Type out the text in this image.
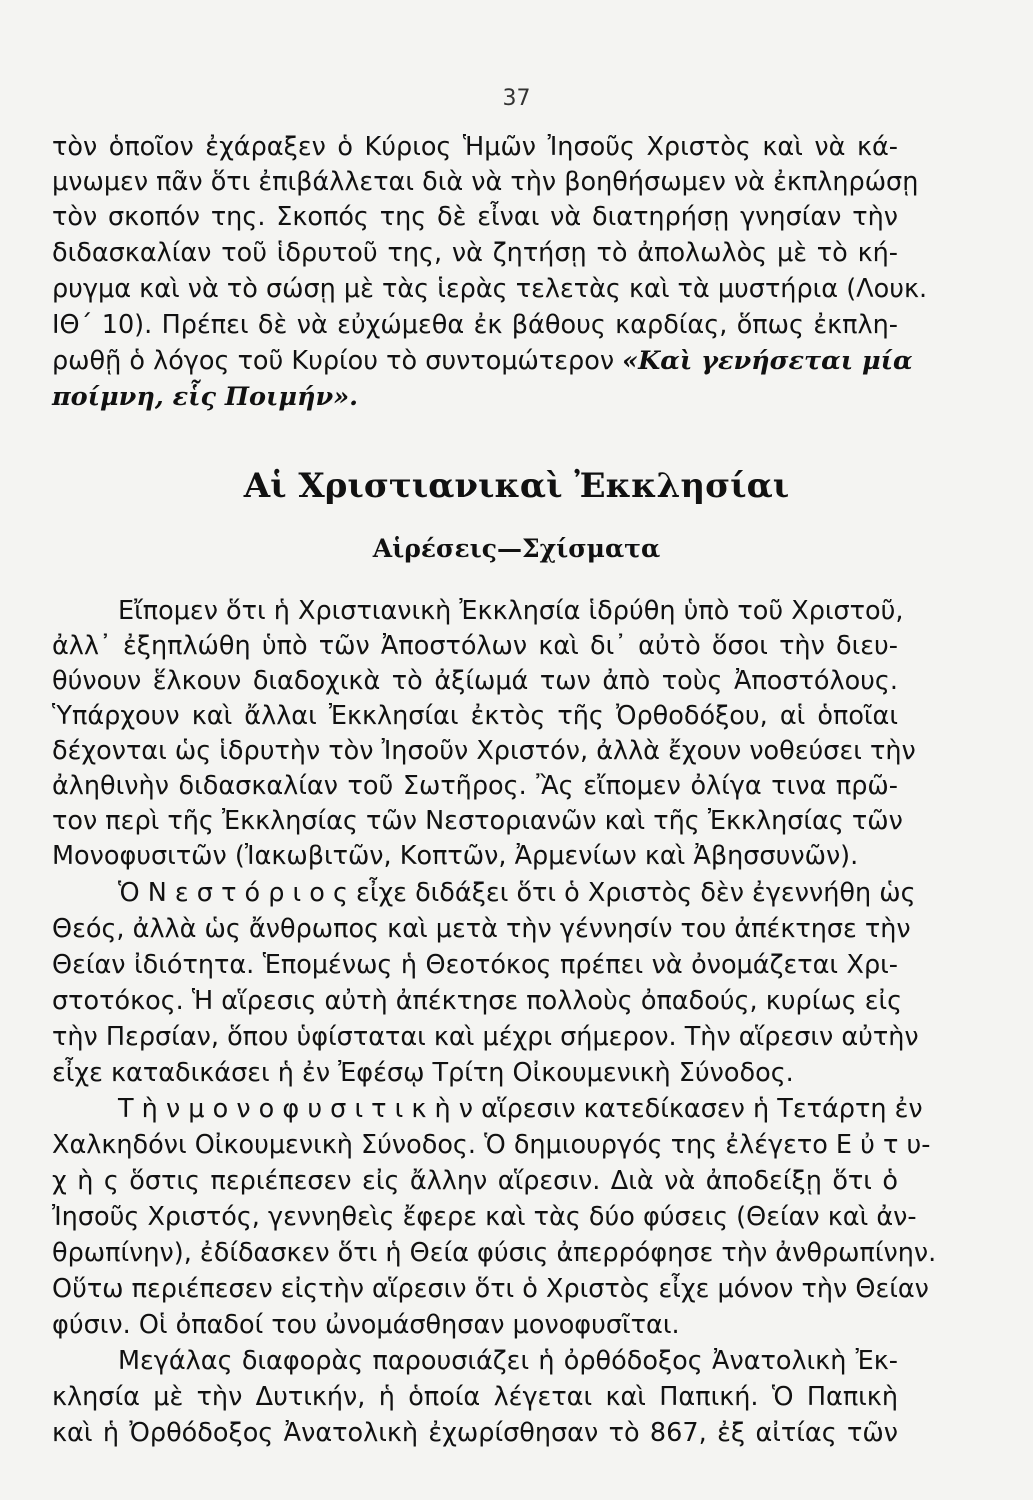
37
τὸν ὁποῖον ἐχάραξεν ὁ Κύριος Ἡμῶν Ἰησοῦς Χριστὸς καὶ νὰ κά-
μνωμεν πᾶν ὅτι ἐπιβάλλεται διὰ νὰ τὴν βοηθήσωμεν νὰ ἐκπληρώσῃ
τὸν σκοπόν της. Σκοπός της δὲ εἶναι νὰ διατηρήσῃ γνησίαν τὴν
διδασκαλίαν τοῦ ἱδρυτοῦ της, νὰ ζητήσῃ τὸ ἀπολωλὸς μὲ τὸ κή-
ρυγμα καὶ νὰ τὸ σώσῃ μὲ τὰς ἱερὰς τελετὰς καὶ τὰ μυστήρια (Λουκ.
ΙΘ΄ 10). Πρέπει δὲ νὰ εὐχώμεθα ἐκ βάθους καρδίας, ὅπως ἐκπλη-
ρωθῇ ὁ λόγος τοῦ Κυρίου τὸ συντομώτερον «Καὶ γενήσεται μία
ποίμνη, εἷς Ποιμήν».
Αἱ Χριστιανικαὶ Ἐκκλησίαι
Αἱρέσεις—Σχίσματα
Εἴπομεν ὅτι ἡ Χριστιανικὴ Ἐκκλησία ἱδρύθη ὑπὸ τοῦ Χριστοῦ,
ἀλλ᾿ ἐξηπλώθη ὑπὸ τῶν Ἀποστόλων καὶ δι᾿ αὐτὸ ὅσοι τὴν διευ-
θύνουν ἕλκουν διαδοχικὰ τὸ ἀξίωμά των ἀπὸ τοὺς Ἀποστόλους.
Ὑπάρχουν καὶ ἄλλαι Ἐκκλησίαι ἐκτὸς τῆς Ὀρθοδόξου, αἱ ὁποῖαι
δέχονται ὡς ἱδρυτὴν τὸν Ἰησοῦν Χριστόν, ἀλλὰ ἔχουν νοθεύσει τὴν
ἀληθινὴν διδασκαλίαν τοῦ Σωτῆρος. Ἂς εἴπομεν ὀλίγα τινα πρῶ-
τον περὶ τῆς Ἐκκλησίας τῶν Νεστοριανῶν καὶ τῆς Ἐκκλησίας τῶν
Μονοφυσιτῶν (Ἰακωβιτῶν, Κοπτῶν, Ἀρμενίων καὶ Ἀβησσυνῶν).
Ὁ Ν ε σ τ ό ρ ι ο ς εἶχε διδάξει ὅτι ὁ Χριστὸς δὲν ἐγεννήθη ὡς
Θεός, ἀλλὰ ὡς ἄνθρωπος καὶ μετὰ τὴν γέννησίν του ἀπέκτησε τὴν
Θείαν ἰδιότητα. Ἑπομένως ἡ Θεοτόκος πρέπει νὰ ὀνομάζεται Χρι-
στοτόκος. Ἡ αἵρεσις αὐτὴ ἀπέκτησε πολλοὺς ὀπαδούς, κυρίως εἰς
τὴν Περσίαν, ὅπου ὑφίσταται καὶ μέχρι σήμερον. Τὴν αἵρεσιν αὐτὴν
εἶχε καταδικάσει ἡ ἐν Ἐφέσῳ Τρίτη Οἰκουμενικὴ Σύνοδος.
Τ ὴ ν μ ο ν ο φ υ σ ι τ ι κ ὴ ν αἵρεσιν κατεδίκασεν ἡ Τετάρτη ἐν
Χαλκηδόνι Οἰκουμενικὴ Σύνοδος. Ὁ δημιουργός της ἐλέγετο Ε ὐ τ υ-
χ ὴ ς ὅστις περιέπεσεν εἰς ἄλλην αἵρεσιν. Διὰ νὰ ἀποδείξῃ ὅτι ὁ
Ἰησοῦς Χριστός, γεννηθεὶς ἔφερε καὶ τὰς δύο φύσεις (Θείαν καὶ ἀν-
θρωπίνην), ἐδίδασκεν ὅτι ἡ Θεία φύσις ἀπερρόφησε τὴν ἀνθρωπίνην.
Οὕτω περιέπεσεν εἰςτὴν αἵρεσιν ὅτι ὁ Χριστὸς εἶχε μόνον τὴν Θείαν
φύσιν. Οἱ ὀπαδοί του ὠνομάσθησαν μονοφυσῖται.
Μεγάλας διαφορὰς παρουσιάζει ἡ ὀρθόδοξος Ἀνατολικὴ Ἐκ-
κλησία μὲ τὴν Δυτικήν, ἡ ὁποία λέγεται καὶ Παπική. Ὁ Παπικὴ
καὶ ἡ Ὀρθόδοξος Ἀνατολικὴ ἐχωρίσθησαν τὸ 867, ἐξ αἰτίας τῶν
